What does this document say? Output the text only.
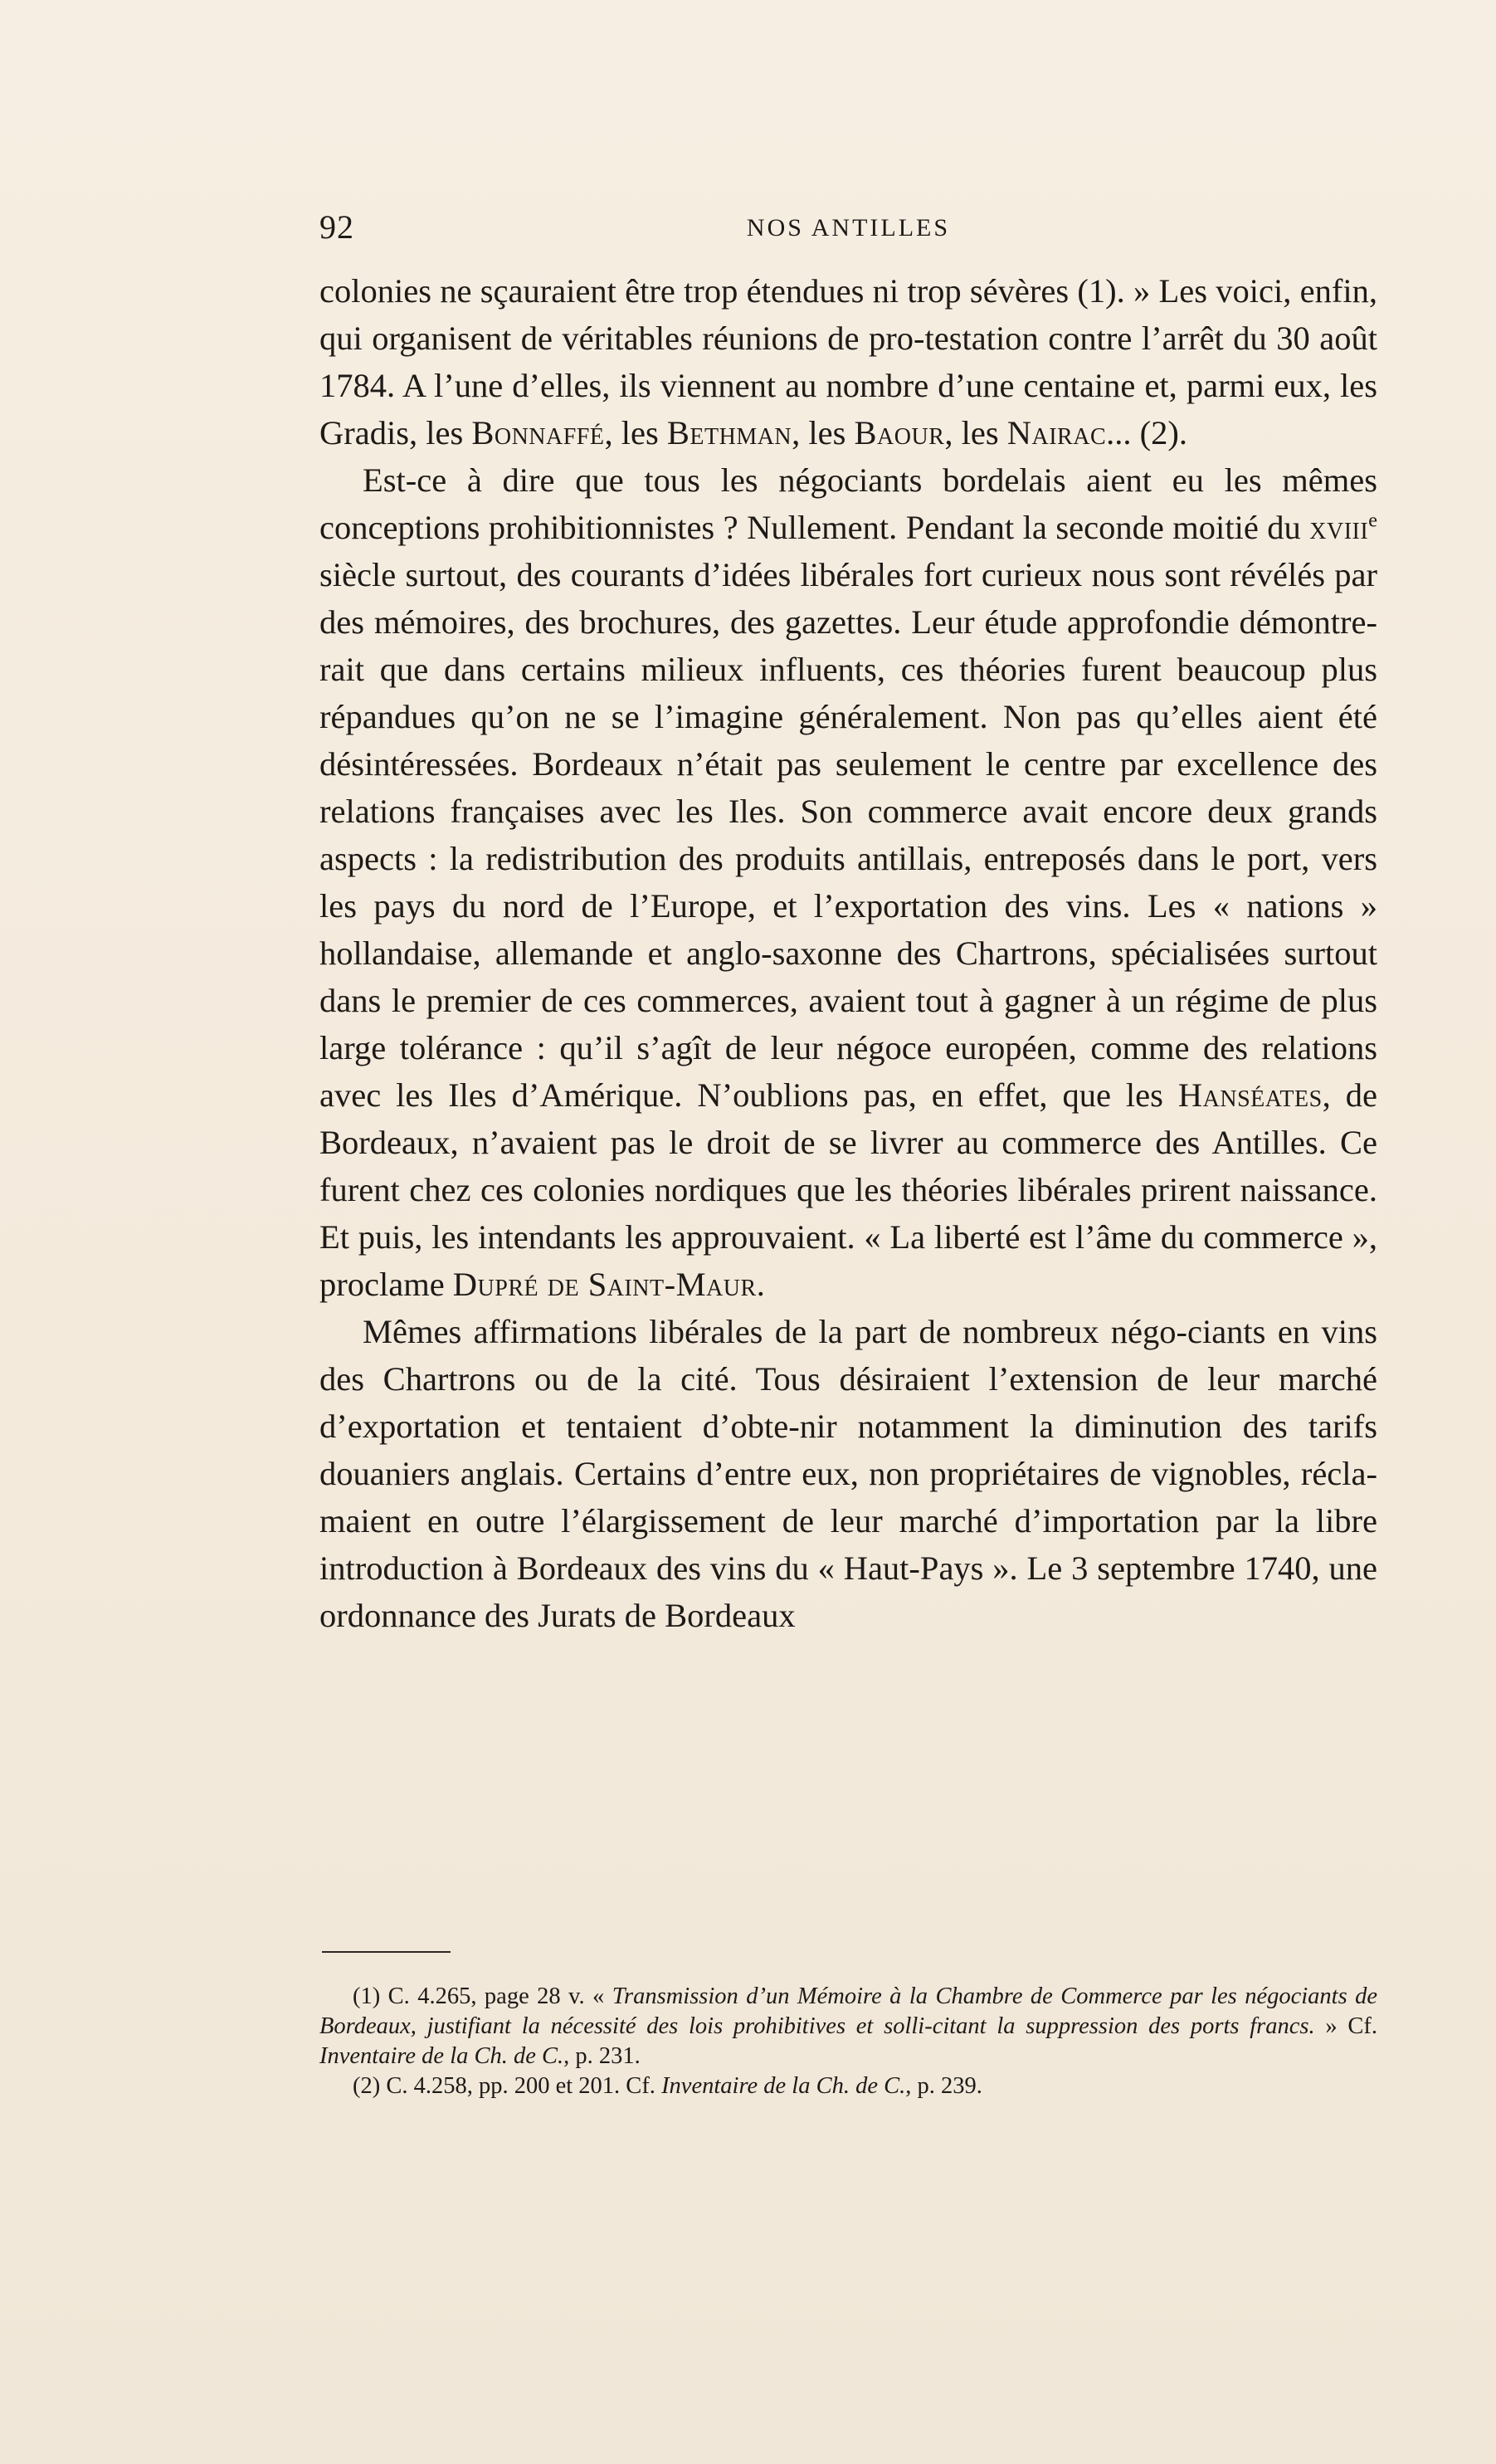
92	NOS ANTILLES

colonies ne sçauraient être trop étendues ni trop sévères (1). » Les voici, enfin, qui organisent de véritables réunions de pro-testation contre l’arrêt du 30 août 1784. A l’une d’elles, ils viennent au nombre d’une centaine et, parmi eux, les Gradis, les Bonnaffé, les Bethman, les Baour, les Nairac... (2).

Est-ce à dire que tous les négociants bordelais aient eu les mêmes conceptions prohibitionnistes ? Nullement. Pendant la seconde moitié du xviii$^e$ siècle surtout, des courants d’idées libérales fort curieux nous sont révélés par des mémoires, des brochures, des gazettes. Leur étude approfondie démontre-rait que dans certains milieux influents, ces théories furent beaucoup plus répandues qu’on ne se l’imagine généralement. Non pas qu’elles aient été désintéressées. Bordeaux n’était pas seulement le centre par excellence des relations françaises avec les Iles. Son commerce avait encore deux grands aspects : la redistribution des produits antillais, entreposés dans le port, vers les pays du nord de l’Europe, et l’exportation des vins. Les « nations » hollandaise, allemande et anglo-saxonne des Chartrons, spécialisées surtout dans le premier de ces commerces, avaient tout à gagner à un régime de plus large tolérance : qu’il s’agît de leur négoce européen, comme des relations avec les Iles d’Amérique. N’oublions pas, en effet, que les Hanséates, de Bordeaux, n’avaient pas le droit de se livrer au commerce des Antilles. Ce furent chez ces colonies nordiques que les théories libérales prirent naissance. Et puis, les intendants les approuvaient. « La liberté est l’âme du commerce », proclame Dupré de Saint-Maur.

Mêmes affirmations libérales de la part de nombreux négo-ciants en vins des Chartrons ou de la cité. Tous désiraient l’extension de leur marché d’exportation et tentaient d’obte-nir notamment la diminution des tarifs douaniers anglais. Certains d’entre eux, non propriétaires de vignobles, récla-maient en outre l’élargissement de leur marché d’importation par la libre introduction à Bordeaux des vins du « Haut-Pays ». Le 3 septembre 1740, une ordonnance des Jurats de Bordeaux

(1) C. 4.265, page 28 v. « Transmission d’un Mémoire à la Chambre de Commerce par les négociants de Bordeaux, justifiant la nécessité des lois prohibitives et solli-citant la suppression des ports francs. » Cf. Inventaire de la Ch. de C., p. 231.

(2) C. 4.258, pp. 200 et 201. Cf. Inventaire de la Ch. de C., p. 239.
